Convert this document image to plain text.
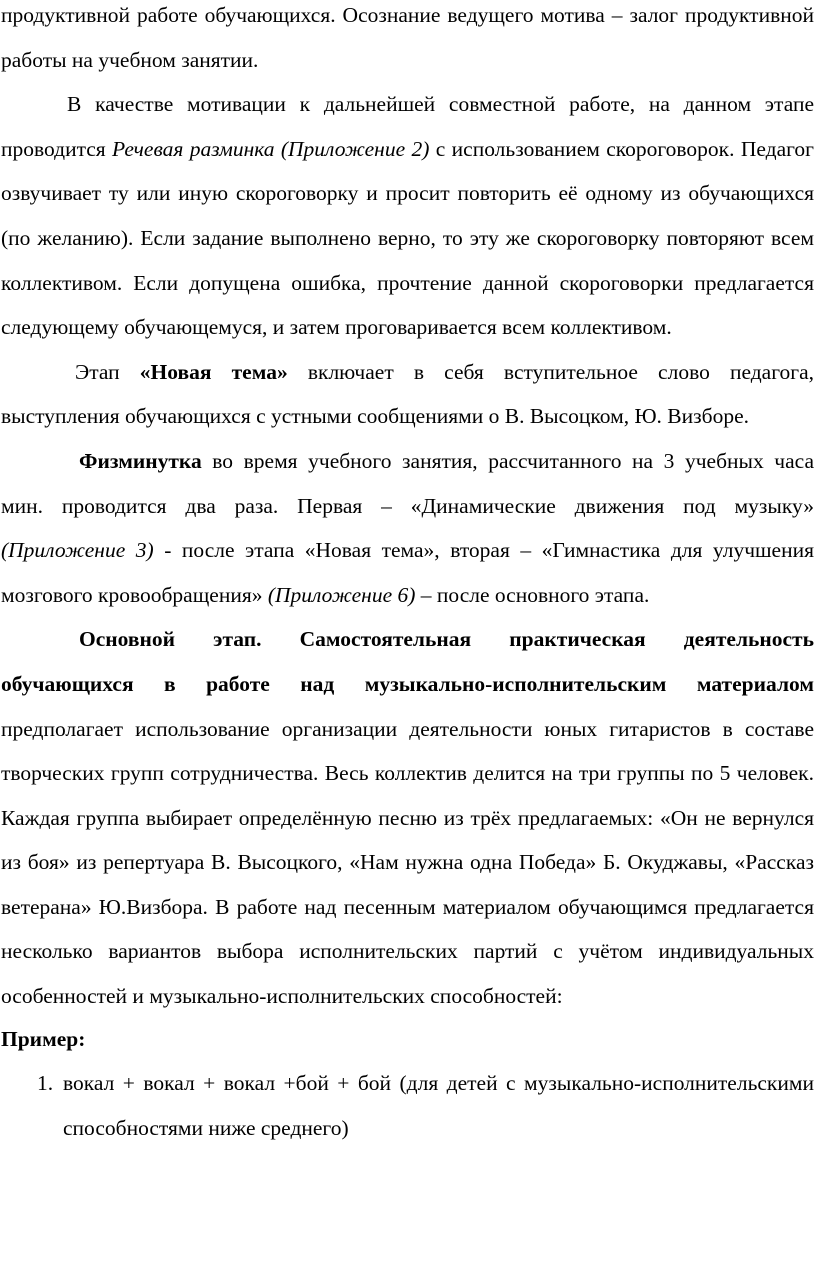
продуктивной работе обучающихся. Осознание ведущего мотива – залог продуктивной работы на учебном занятии.

В качестве мотивации к дальнейшей совместной работе, на данном этапе проводится Речевая разминка (Приложение 2) с использованием скороговорок. Педагог озвучивает ту или иную скороговорку и просит повторить её одному из обучающихся (по желанию). Если задание выполнено верно, то эту же скороговорку повторяют всем коллективом. Если допущена ошибка, прочтение данной скороговорки предлагается следующему обучающемуся, и затем проговаривается всем коллективом.

Этап «Новая тема» включает в себя вступительное слово педагога, выступления обучающихся с устными сообщениями о В. Высоцком, Ю. Визборе.

Физминутка во время учебного занятия, рассчитанного на 3 учебных часа мин. проводится два раза. Первая – «Динамические движения под музыку» (Приложение 3) - после этапа «Новая тема», вторая – «Гимнастика для улучшения мозгового кровообращения» (Приложение 6) – после основного этапа.

Основной этап. Самостоятельная практическая деятельность обучающихся в работе над музыкально-исполнительским материалом предполагает использование организации деятельности юных гитаристов в составе творческих групп сотрудничества. Весь коллектив делится на три группы по 5 человек. Каждая группа выбирает определённую песню из трёх предлагаемых: «Он не вернулся из боя» из репертуара В. Высоцкого, «Нам нужна одна Победа» Б. Окуджавы, «Рассказ ветерана» Ю.Визбора. В работе над песенным материалом обучающимся предлагается несколько вариантов выбора исполнительских партий с учётом индивидуальных особенностей и музыкально-исполнительских способностей:

Пример:

1. вокал + вокал + вокал +бой + бой (для детей с музыкально-исполнительскими способностями ниже среднего)
